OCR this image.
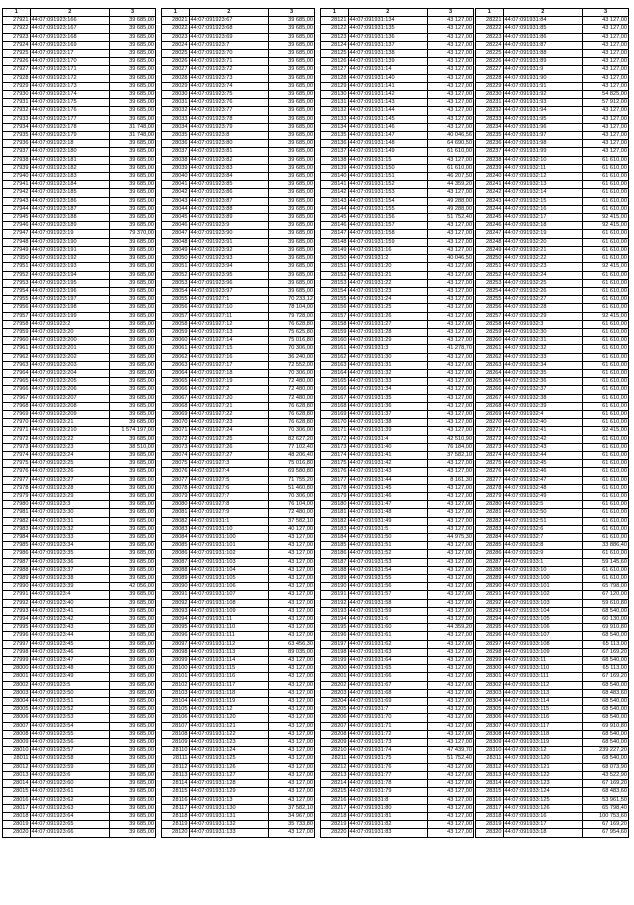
1	2	3
27921	44:07:091923:166	39 685,00
27922	44:07:091923:167	39 685,00
27923	44:07:091923:168	39 685,00
27924	44:07:091923:169	39 685,00
27925	44:07:091923:17	39 685,00
27926	44:07:091923:170	39 685,00
27927	44:07:091923:171	39 685,00
27928	44:07:091923:172	39 685,00
27929	44:07:091923:173	39 685,00
27930	44:07:091923:174	39 685,00
27931	44:07:091923:175	39 685,00
27932	44:07:091923:176	39 685,00
27933	44:07:091923:177	39 685,00
27934	44:07:091923:178	31 748,00
27935	44:07:091923:179	31 748,00
27936	44:07:091923:18	39 685,00
27937	44:07:091923:180	39 685,00
27938	44:07:091923:181	39 685,00
27939	44:07:091923:182	39 685,00
27940	44:07:091923:183	39 685,00
27941	44:07:091923:184	39 685,00
27942	44:07:091923:185	39 685,00
27943	44:07:091923:186	39 685,00
27944	44:07:091923:187	39 685,00
27945	44:07:091923:188	39 685,00
27946	44:07:091923:189	39 685,00
27947	44:07:091923:19	79 370,00
27948	44:07:091923:190	39 685,00
27949	44:07:091923:191	39 685,00
27950	44:07:091923:192	39 685,00
27951	44:07:091923:193	39 685,00
27952	44:07:091923:194	39 685,00
27953	44:07:091923:195	39 685,00
27954	44:07:091923:196	39 685,00
27955	44:07:091923:197	39 685,00
27956	44:07:091923:198	39 685,00
27957	44:07:091923:199	39 685,00
27958	44:07:091923:2	39 685,00
27959	44:07:091923:20	39 685,00
27960	44:07:091923:200	39 685,00
27961	44:07:091923:201	39 685,00
27962	44:07:091923:202	39 685,00
27963	44:07:091923:203	39 685,00
27964	44:07:091923:204	39 685,00
27965	44:07:091923:205	39 685,00
27966	44:07:091923:206	39 685,00
27967	44:07:091923:207	39 685,00
27968	44:07:091923:208	39 685,00
27969	44:07:091923:209	39 685,00
27970	44:07:091923:21	39 685,00
27971	44:07:091923:210	1 574 197,00
27972	44:07:091923:22	39 685,00
27973	44:07:091923:23	38 510,00
27974	44:07:091923:24	39 685,00
27975	44:07:091923:25	39 685,00
27976	44:07:091923:26	39 685,00
27977	44:07:091923:27	39 685,00
27978	44:07:091923:28	39 685,00
27979	44:07:091923:29	39 685,00
27980	44:07:091923:3	39 685,00
27981	44:07:091923:30	39 685,00
27982	44:07:091923:31	39 685,00
27983	44:07:091923:32	39 685,00
27984	44:07:091923:33	39 685,00
27985	44:07:091923:34	39 685,00
27986	44:07:091923:35	39 685,00
27987	44:07:091923:36	39 685,00
27988	44:07:091923:37	39 685,00
27989	44:07:091923:38	39 685,00
27990	44:07:091923:39	42 056,00
27991	44:07:091923:4	39 685,00
27992	44:07:091923:40	39 685,00
27993	44:07:091923:41	39 685,00
27994	44:07:091923:42	39 685,00
27995	44:07:091923:43	39 685,00
27996	44:07:091923:44	39 685,00
27997	44:07:091923:45	39 685,00
27998	44:07:091923:46	39 685,00
27999	44:07:091923:47	39 685,00
28000	44:07:091923:48	39 685,00
28001	44:07:091923:49	39 685,00
28002	44:07:091923:5	39 685,00
28003	44:07:091923:50	39 685,00
28004	44:07:091923:51	39 685,00
28005	44:07:091923:52	39 685,00
28006	44:07:091923:53	39 685,00
28007	44:07:091923:54	39 685,00
28008	44:07:091923:55	39 685,00
28009	44:07:091923:56	39 685,00
28010	44:07:091923:57	39 685,00
28011	44:07:091923:58	39 685,00
28012	44:07:091923:59	39 685,00
28013	44:07:091923:6	39 685,00
28014	44:07:091923:60	39 685,00
28015	44:07:091923:61	39 685,00
28016	44:07:091923:62	39 685,00
28017	44:07:091923:63	39 685,00
28018	44:07:091923:64	39 685,00
28019	44:07:091923:65	39 685,00
28020	44:07:091923:66	39 685,00
1	2	3
28021	44:07:091923:67	39 685,00
28022	44:07:091923:68	39 685,00
28023	44:07:091923:69	39 685,00
28024	44:07:091923:7	39 685,00
28025	44:07:091923:70	39 685,00
28026	44:07:091923:71	39 685,00
28027	44:07:091923:72	39 685,00
28028	44:07:091923:73	39 685,00
28029	44:07:091923:74	39 685,00
28030	44:07:091923:75	39 685,00
28031	44:07:091923:76	39 685,00
28032	44:07:091923:77	39 685,00
28033	44:07:091923:78	39 685,00
28034	44:07:091923:79	39 685,00
28035	44:07:091923:8	39 685,00
28036	44:07:091923:80	39 685,00
28037	44:07:091923:81	39 685,00
28038	44:07:091923:82	39 685,00
28039	44:07:091923:83	39 685,00
28040	44:07:091923:84	39 685,00
28041	44:07:091923:85	39 685,00
28042	44:07:091923:86	39 685,00
28043	44:07:091923:87	39 685,00
28044	44:07:091923:88	39 685,00
28045	44:07:091923:89	39 685,00
28046	44:07:091923:9	39 685,00
28047	44:07:091923:90	39 685,00
28048	44:07:091923:91	39 685,00
28049	44:07:091923:92	39 685,00
28050	44:07:091923:93	39 685,00
28051	44:07:091923:94	39 685,00
28052	44:07:091923:95	39 685,00
28053	44:07:091923:96	39 685,00
28054	44:07:091923:97	39 685,00
28055	44:07:091927:1	70 233,12
28056	44:07:091927:10	78 104,00
28057	44:07:091927:11	79 728,00
28058	44:07:091927:12	76 628,80
28059	44:07:091927:13	75 625,80
28060	44:07:091927:14	75 016,80
28061	44:07:091927:15	70 306,00
28062	44:07:091927:16	36 240,00
28063	44:07:091927:17	72 552,00
28064	44:07:091927:18	70 306,00
28065	44:07:091927:19	72 480,00
28066	44:07:091927:2	72 480,00
28067	44:07:091927:20	72 480,00
28068	44:07:091927:21	76 628,80
28069	44:07:091927:22	76 628,80
28070	44:07:091927:23	76 628,80
28071	44:07:091927:24	70 306,00
28072	44:07:091927:25	82 627,20
28073	44:07:091927:26	77 102,40
28074	44:07:091927:27	48 206,40
28075	44:07:091927:3	75 016,80
28076	44:07:091927:4	69 580,80
28077	44:07:091927:5	71 755,20
28078	44:07:091927:6	51 460,80
28079	44:07:091927:7	70 306,00
28080	44:07:091927:8	76 104,00
28081	44:07:091927:9	72 480,00
28082	44:07:091931:1	37 582,10
28083	44:07:091931:10	40 127,00
28084	44:07:091931:100	43 127,00
28085	44:07:091931:101	43 127,00
28086	44:07:091931:102	43 127,00
28087	44:07:091931:103	43 127,00
28088	44:07:091931:104	43 127,00
28089	44:07:091931:105	43 127,00
28090	44:07:091931:106	43 127,00
28091	44:07:091931:107	43 127,00
28092	44:07:091931:108	43 127,00
28093	44:07:091931:109	43 127,00
28094	44:07:091931:11	43 127,00
28095	44:07:091931:110	43 127,00
28096	44:07:091931:111	43 127,00
28097	44:07:091931:112	63 456,30
28098	44:07:091931:113	89 035,00
28099	44:07:091931:114	43 127,00
28100	44:07:091931:115	43 127,00
28101	44:07:091931:116	43 127,00
28102	44:07:091931:117	43 127,00
28103	44:07:091931:118	43 127,00
28104	44:07:091931:119	43 127,00
28105	44:07:091931:12	43 127,00
28106	44:07:091931:120	43 127,00
28107	44:07:091931:121	43 127,00
28108	44:07:091931:122	43 127,00
28109	44:07:091931:123	43 127,00
28110	44:07:091931:124	43 127,00
28111	44:07:091931:125	43 127,00
28112	44:07:091931:126	43 127,00
28113	44:07:091931:127	43 127,00
28114	44:07:091931:128	43 127,00
28115	44:07:091931:129	43 127,00
28116	44:07:091931:13	43 127,00
28117	44:07:091931:130	37 582,10
28118	44:07:091931:131	34 967,00
28119	44:07:091931:132	35 733,80
28120	44:07:091931:133	43 127,00
1	2	3
28121	44:07:091931:134	43 127,00
28122	44:07:091931:135	43 127,00
28123	44:07:091931:136	43 127,00
28124	44:07:091931:137	43 127,00
28125	44:07:091931:138	43 127,00
28126	44:07:091931:139	43 127,00
28127	44:07:091931:14	43 127,00
28128	44:07:091931:140	43 127,00
28129	44:07:091931:141	43 127,00
28130	44:07:091931:142	43 127,00
28131	44:07:091931:143	43 127,00
28132	44:07:091931:144	43 127,00
28133	44:07:091931:145	43 127,00
28134	44:07:091931:146	43 127,00
28135	44:07:091931:147	40 046,56
28136	44:07:091931:148	64 690,50
28137	44:07:091931:149	61 610,00
28138	44:07:091931:15	43 127,00
28139	44:07:091931:150	61 610,00
28140	44:07:091931:151	46 207,50
28141	44:07:091931:152	44 359,20
28142	44:07:091931:153	43 127,00
28143	44:07:091931:154	49 288,00
28144	44:07:091931:155	49 288,00
28145	44:07:091931:156	51 752,40
28146	44:07:091931:157	43 127,00
28147	44:07:091931:158	43 127,00
28148	44:07:091931:159	43 127,00
28149	44:07:091931:16	43 127,00
28150	44:07:091931:2	40 046,50
28151	44:07:091931:20	43 127,00
28152	44:07:091931:21	43 127,00
28153	44:07:091931:22	43 127,00
28154	44:07:091931:23	43 127,00
28155	44:07:091931:24	43 127,00
28156	44:07:091931:25	43 127,00
28157	44:07:091931:26	43 127,00
28158	44:07:091931:27	43 127,00
28159	44:07:091931:28	43 127,00
28160	44:07:091931:29	43 127,00
28161	44:07:091931:3	41 278,70
28162	44:07:091931:30	43 127,00
28163	44:07:091931:31	43 127,00
28164	44:07:091931:32	43 127,00
28165	44:07:091931:33	43 127,00
28166	44:07:091931:34	43 127,00
28167	44:07:091931:35	43 127,00
28168	44:07:091931:36	43 127,00
28169	44:07:091931:37	43 127,00
28170	44:07:091931:38	43 127,00
28171	44:07:091931:39	43 127,00
28172	44:07:091931:4	42 510,90
28173	44:07:091931:40	76 184,00
28174	44:07:091931:41	37 582,10
28175	44:07:091931:42	43 127,00
28176	44:07:091931:43	43 127,00
28177	44:07:091931:44	8 161,30
28178	44:07:091931:45	43 127,00
28179	44:07:091931:46	43 127,00
28180	44:07:091931:47	43 127,00
28181	44:07:091931:48	43 127,00
28182	44:07:091931:49	43 127,00
28183	44:07:091931:5	43 127,00
28184	44:07:091931:50	44 975,30
28185	44:07:091931:51	43 127,00
28186	44:07:091931:52	43 127,00
28187	44:07:091931:53	43 127,00
28188	44:07:091931:54	43 127,00
28189	44:07:091931:55	43 127,00
28190	44:07:091931:56	43 127,00
28191	44:07:091931:57	43 127,00
28192	44:07:091931:58	43 127,00
28193	44:07:091931:59	43 127,00
28194	44:07:091931:6	43 127,00
28195	44:07:091931:60	44 359,20
28196	44:07:091931:61	43 127,00
28197	44:07:091931:62	43 127,00
28198	44:07:091931:63	43 127,00
28199	44:07:091931:64	43 127,00
28200	44:07:091931:65	43 127,00
28201	44:07:091931:66	43 127,00
28202	44:07:091931:67	43 127,00
28203	44:07:091931:68	43 127,00
28204	44:07:091931:69	43 127,00
28205	44:07:091931:7	43 127,00
28206	44:07:091931:70	43 127,00
28207	44:07:091931:71	43 127,00
28208	44:07:091931:72	43 127,00
28209	44:07:091931:73	43 127,00
28210	44:07:091931:74	47 439,70
28211	44:07:091931:75	51 752,40
28212	44:07:091931:76	43 127,00
28213	44:07:091931:77	43 127,00
28214	44:07:091931:78	43 127,00
28215	44:07:091931:79	43 127,00
28216	44:07:091931:8	43 127,00
28217	44:07:091931:80	43 127,00
28218	44:07:091931:81	43 127,00
28219	44:07:091931:82	43 127,00
28220	44:07:091931:83	43 127,00
1	2	3
28221	44:07:091931:84	43 127,00
28222	44:07:091931:85	43 127,00
28223	44:07:091931:86	43 127,00
28224	44:07:091931:87	43 127,00
28225	44:07:091931:88	43 127,00
28226	44:07:091931:89	43 127,00
28227	44:07:091931:9	43 127,00
28228	44:07:091931:90	43 127,00
28229	44:07:091931:91	43 127,00
28230	44:07:091931:92	54 825,00
28231	44:07:091931:93	57 912,00
28232	44:07:091931:94	43 127,00
28233	44:07:091931:95	43 127,00
28234	44:07:091931:96	43 127,00
28235	44:07:091931:97	43 127,00
28236	44:07:091931:98	43 127,00
28237	44:07:091931:99	43 127,00
28238	44:07:091932:10	61 610,00
28239	44:07:091932:11	61 610,00
28240	44:07:091932:12	61 610,00
28241	44:07:091932:13	61 610,00
28242	44:07:091932:14	61 610,00
28243	44:07:091932:15	61 610,00
28244	44:07:091932:16	61 610,00
28245	44:07:091932:17	92 415,00
28246	44:07:091932:18	92 415,00
28247	44:07:091932:19	61 610,00
28248	44:07:091932:20	61 610,00
28249	44:07:091932:21	61 610,00
28250	44:07:091932:22	61 610,00
28251	44:07:091932:23	92 415,00
28252	44:07:091932:24	61 610,00
28253	44:07:091932:25	61 610,00
28254	44:07:091932:26	61 610,00
28255	44:07:091932:27	61 610,00
28256	44:07:091932:28	61 610,00
28257	44:07:091932:29	92 415,00
28258	44:07:091932:3	61 610,00
28259	44:07:091932:30	61 610,00
28260	44:07:091932:31	61 610,00
28261	44:07:091932:32	61 610,00
28262	44:07:091932:33	61 610,00
28263	44:07:091932:34	61 610,00
28264	44:07:091932:35	61 610,00
28265	44:07:091932:36	61 610,00
28266	44:07:091932:37	61 610,00
28267	44:07:091932:38	61 610,00
28268	44:07:091932:39	61 610,00
28269	44:07:091932:4	61 610,00
28270	44:07:091932:40	61 610,00
28271	44:07:091932:41	92 415,00
28272	44:07:091932:42	61 610,00
28273	44:07:091932:43	61 610,00
28274	44:07:091932:44	61 610,00
28275	44:07:091932:45	61 610,00
28276	44:07:091932:46	61 610,00
28277	44:07:091932:47	61 610,00
28278	44:07:091932:48	61 610,00
28279	44:07:091932:49	61 610,00
28280	44:07:091932:5	61 610,00
28281	44:07:091932:50	61 610,00
28282	44:07:091932:51	61 610,00
28283	44:07:091932:6	61 610,00
28284	44:07:091932:7	61 610,00
28285	44:07:091932:8	33 886,40
28286	44:07:091932:9	61 610,00
28287	44:07:091933:1	59 145,60
28288	44:07:091933:10	61 610,00
28289	44:07:091933:100	61 610,00
28290	44:07:091933:101	65 798,00
28291	44:07:091933:102	67 120,00
28292	44:07:091933:103	59 610,80
28293	44:07:091933:104	68 540,00
28294	44:07:091933:105	60 130,00
28295	44:07:091933:106	69 910,80
28296	44:07:091933:107	68 540,00
28297	44:07:091933:108	65 113,00
28298	44:07:091933:109	67 169,20
28299	44:07:091933:11	68 540,00
28300	44:07:091933:110	65 113,00
28301	44:07:091933:111	67 169,20
28302	44:07:091933:112	68 540,00
28303	44:07:091933:113	68 483,60
28304	44:07:091933:114	68 540,00
28305	44:07:091933:115	68 540,00
28306	44:07:091933:116	68 540,00
28307	44:07:091933:117	69 910,80
28308	44:07:091933:118	68 540,00
28309	44:07:091933:119	68 540,00
28310	44:07:091933:12	239 227,20
28311	44:07:091933:120	68 540,00
28312	44:07:091933:121	68 073,90
28313	44:07:091933:122	43 522,90
28314	44:07:091933:123	67 169,20
28315	44:07:091933:124	68 483,60
28316	44:07:091933:125	53 961,50
28317	44:07:091933:126	65 798,40
28318	44:07:091933:16	100 753,60
28319	44:07:091933:17	67 169,20
28320	44:07:091933:18	67 954,60
